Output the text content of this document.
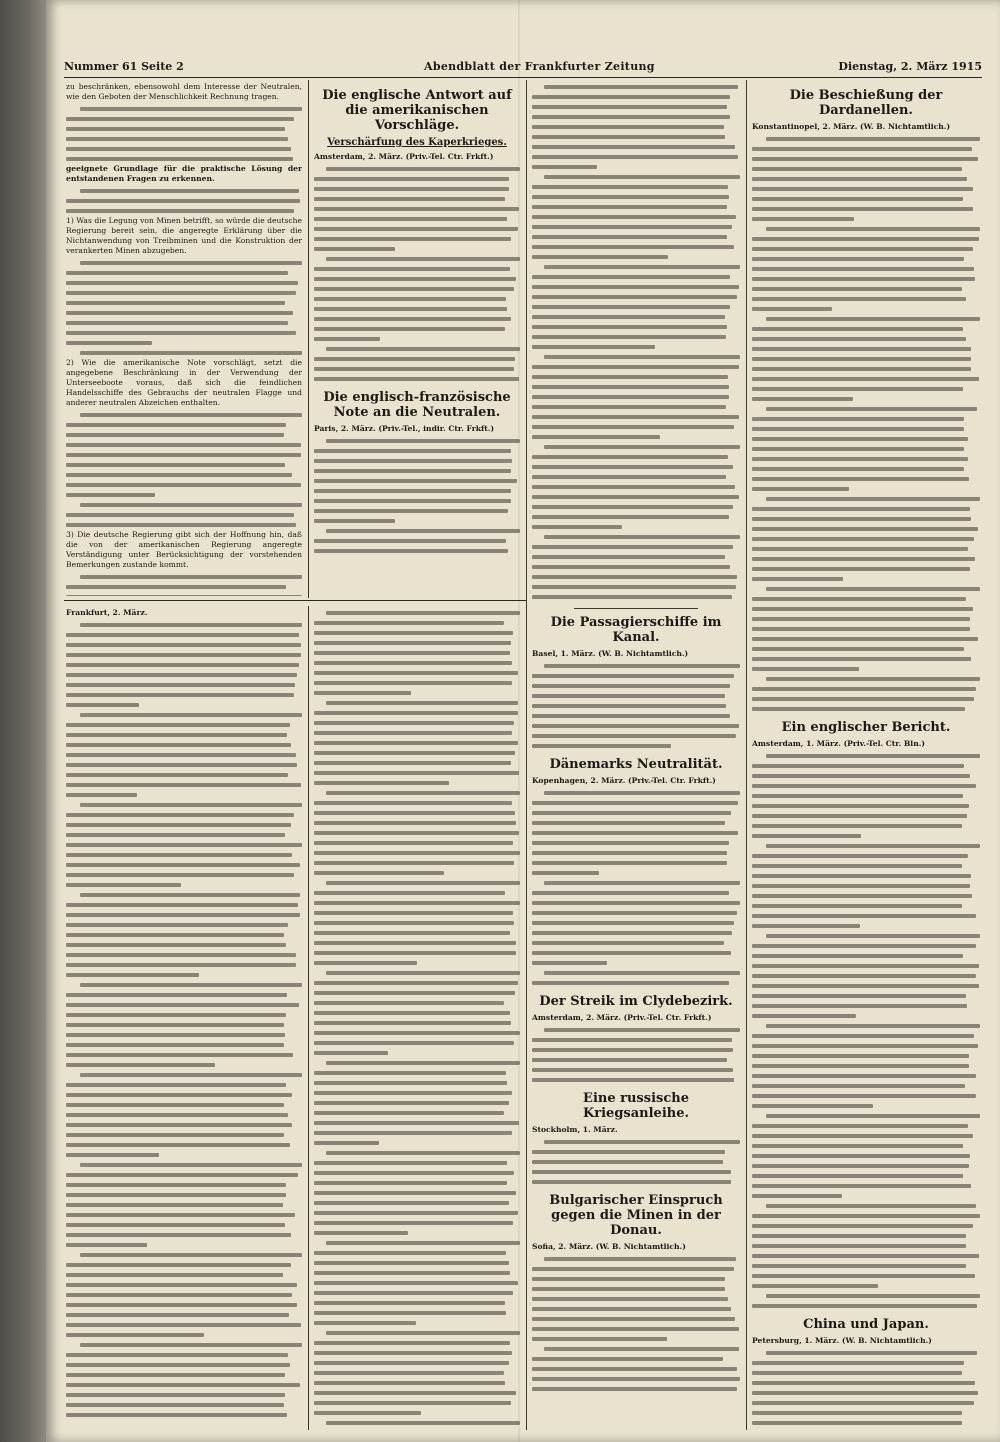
Nummer 61 Seite 2	Abendblatt der Frankfurter Zeitung	Dienstag, 2. März 1915

zu beschränken, ebensowohl dem Interesse der Neutralen, wie den Geboten der Menschlichkeit Rechnung tragen.

geeignete Grundlage für die praktische Lösung der entstandenen Fragen zu erkennen.

1) Was die Legung von Minen betrifft, so würde die deutsche Regierung bereit sein, die angeregte Erklärung über die Nichtanwendung von Treibminen und die Konstruktion der verankerten Minen abzugeben.

2) Wie die amerikanische Note vorschlägt, setzt die angegebene Beschränkung in der Verwendung der Unterseeboote voraus, daß sich die feindlichen Handelsschiffe des Gebrauchs der neutralen Flagge und anderer neutralen Abzeichen enthalten.

3) Die deutsche Regierung gibt sich der Hoffnung hin, daß die von der amerikanischen Regierung angeregte Verständigung unter Berücksichtigung der vorstehenden Bemerkungen zustande kommt.

Die englische Antwort auf die amerikanischen Vorschläge.
Verschärfung des Kaperkrieges.

Amsterdam, 2. März. (Priv.-Tel. Ctr. Frkft.)

Die englisch-französische Note an die Neutralen.

Paris, 2. März. (Priv.-Tel., indir. Ctr. Frkft.)

Frankfurt, 2. März.

Die Passagierschiffe im Kanal.

Basel, 1. März. (W. B. Nichtamtlich.)

Dänemarks Neutralität.

Kopenhagen, 2. März. (Priv.-Tel. Ctr. Frkft.)

Der Streik im Clydebezirk.

Amsterdam, 2. März. (Priv.-Tel. Ctr. Frkft.)

Eine russische Kriegsanleihe.

Stockholm, 1. März.

Bulgarischer Einspruch gegen die Minen in der Donau.

Sofia, 2. März. (W. B. Nichtamtlich.)

Die Beschießung der Dardanellen.

Konstantinopel, 2. März. (W. B. Nichtamtlich.)

Ein englischer Bericht.

Amsterdam, 1. März. (Priv.-Tel. Ctr. Bln.)

China und Japan.

Petersburg, 1. März. (W. B. Nichtamtlich.)
